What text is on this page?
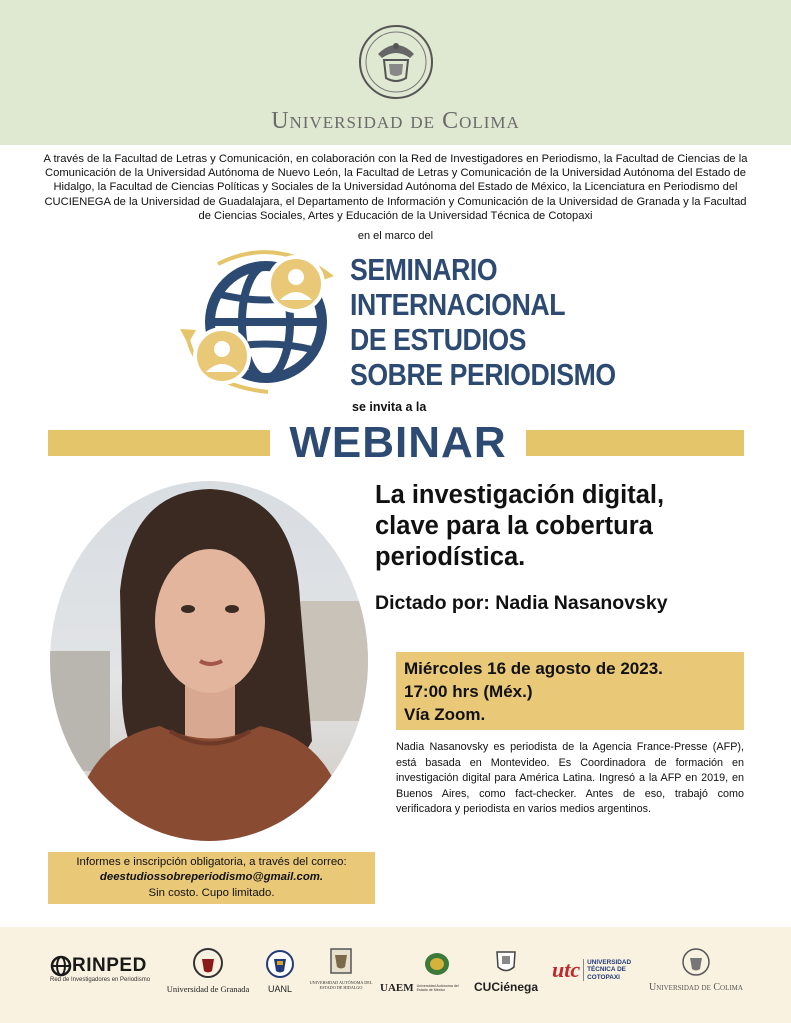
Universidad de Colima
A través de la Facultad de Letras y Comunicación, en colaboración con la Red de Investigadores en Periodismo, la Facultad de Ciencias de la Comunicación de la Universidad Autónoma de Nuevo León, la Facultad de Letras y Comunicación de la Universidad Autónoma del Estado de Hidalgo, la Facultad de Ciencias Políticas y Sociales de la Universidad Autónoma del Estado de México, la Licenciatura en Periodismo del CUCIENEGA de la Universidad de Guadalajara, el Departamento de Información y Comunicación de la Universidad de Granada y la Facultad de Ciencias Sociales, Artes y Educación de la Universidad Técnica de Cotopaxi
en el marco del
SEMINARIO
INTERNACIONAL
DE ESTUDIOS
SOBRE PERIODISMO
se invita a la
WEBINAR
La investigación digital,
clave para la cobertura
periodística.
Dictado por: Nadia Nasanovsky
Miércoles 16 de agosto de 2023.
17:00 hrs (Méx.)
Vía Zoom.
Nadia Nasanovsky es periodista de la Agencia France-Presse (AFP), está basada en Montevideo. Es Coordinadora de formación en investigación digital para América Latina. Ingresó a la AFP en 2019, en Buenos Aires, como fact-checker. Antes de eso, trabajó como verificadora y periodista en varios medios argentinos.
Informes e inscripción obligatoria, a través del correo:
deestudiossobreperiodismo@gmail.com.
Sin costo. Cupo limitado.
RINPED
Red de Investigadores en Periodismo
Universidad de Granada	UANL
UNIVERSIDAD AUTÓNOMA DEL ESTADO DE HIDALGO	UAEM Universidad Autónoma del Estado de México	CUCiénega
utc	UNIVERSIDAD TÉCNICA DE COTOPAXI
Universidad de Colima
